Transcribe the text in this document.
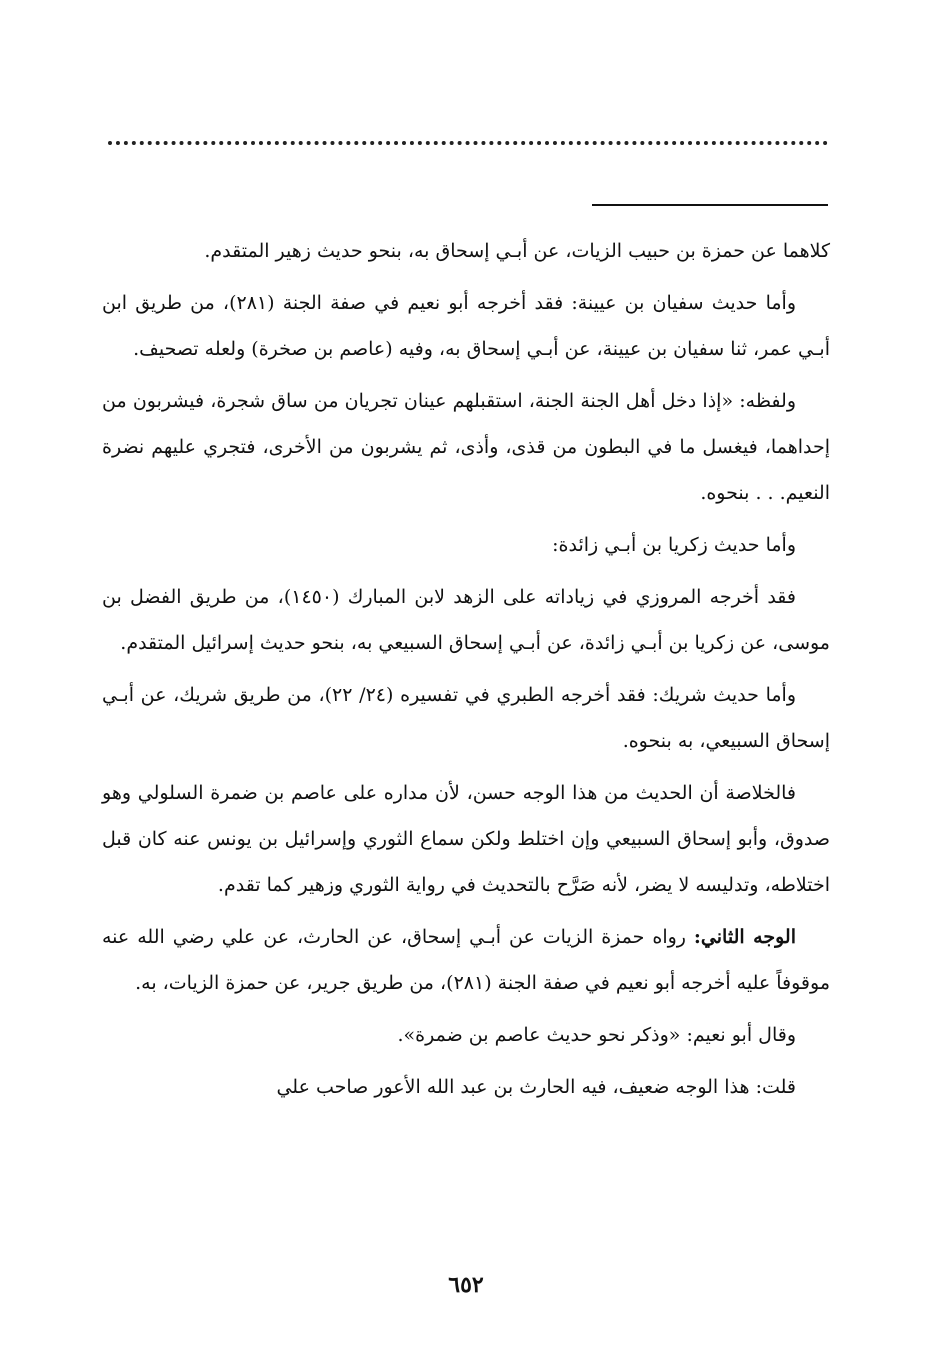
كلاهما عن حمزة بن حبيب الزيات، عن أبـي إسحاق به، بنحو حديث زهير المتقدم.

وأما حديث سفيان بن عيينة: فقد أخرجه أبو نعيم في صفة الجنة (٢٨١)، من طريق ابن أبـي عمر، ثنا سفيان بن عيينة، عن أبـي إسحاق به، وفيه (عاصم بن صخرة) ولعله تصحيف.

ولفظه: «إذا دخل أهل الجنة الجنة، استقبلهم عينان تجريان من ساق شجرة، فيشربون من إحداهما، فيغسل ما في البطون من قذى، وأذى، ثم يشربون من الأخرى، فتجري عليهم نضرة النعيم. . . بنحوه.

وأما حديث زكريا بن أبـي زائدة:

فقد أخرجه المروزي في زياداته على الزهد لابن المبارك (١٤٥٠)، من طريق الفضل بن موسى، عن زكريا بن أبـي زائدة، عن أبـي إسحاق السبيعي به، بنحو حديث إسرائيل المتقدم.

وأما حديث شريك: فقد أخرجه الطبري في تفسيره (٢٤/ ٢٢)، من طريق شريك، عن أبـي إسحاق السبيعي، به بنحوه.

فالخلاصة أن الحديث من هذا الوجه حسن، لأن مداره على عاصم بن ضمرة السلولي وهو صدوق، وأبو إسحاق السبيعي وإن اختلط ولكن سماع الثوري وإسرائيل بن يونس عنه كان قبل اختلاطه، وتدليسه لا يضر، لأنه صَرَّح بالتحديث في رواية الثوري وزهير كما تقدم.

الوجه الثاني: رواه حمزة الزيات عن أبـي إسحاق، عن الحارث، عن علي رضي الله عنه موقوفاً عليه أخرجه أبو نعيم في صفة الجنة (٢٨١)، من طريق جرير، عن حمزة الزيات، به.

وقال أبو نعيم: «وذكر نحو حديث عاصم بن ضمرة».

قلت: هذا الوجه ضعيف، فيه الحارث بن عبد الله الأعور صاحب علي

٦٥٢
